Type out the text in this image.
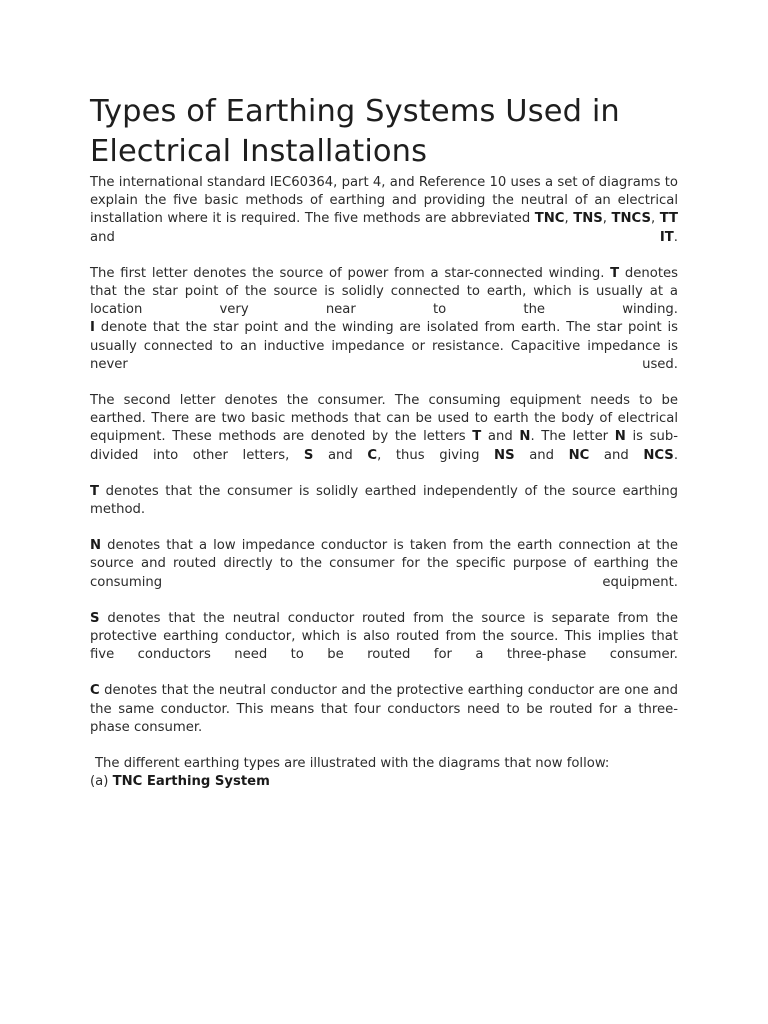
Types of Earthing Systems Used in Electrical Installations

The international standard IEC60364, part 4, and Reference 10 uses a set of diagrams to explain the five basic methods of earthing and providing the neutral of an electrical installation where it is required. The five methods are abbreviated TNC, TNS, TNCS, TT and IT.

The first letter denotes the source of power from a star-connected winding. T denotes that the star point of the source is solidly connected to earth, which is usually at a location very near to the winding.

I denote that the star point and the winding are isolated from earth. The star point is usually connected to an inductive impedance or resistance. Capacitive impedance is never used.

The second letter denotes the consumer. The consuming equipment needs to be earthed. There are two basic methods that can be used to earth the body of electrical equipment. These methods are denoted by the letters T and N. The letter N is sub-divided into other letters, S and C, thus giving NS and NC and NCS.

T denotes that the consumer is solidly earthed independently of the source earthing method.

N denotes that a low impedance conductor is taken from the earth connection at the source and routed directly to the consumer for the specific purpose of earthing the consuming equipment.

S denotes that the neutral conductor routed from the source is separate from the protective earthing conductor, which is also routed from the source. This implies that five conductors need to be routed for a three-phase consumer.

C denotes that the neutral conductor and the protective earthing conductor are one and the same conductor. This means that four conductors need to be routed for a three-phase consumer.

The different earthing types are illustrated with the diagrams that now follow:
(a) TNC Earthing System
